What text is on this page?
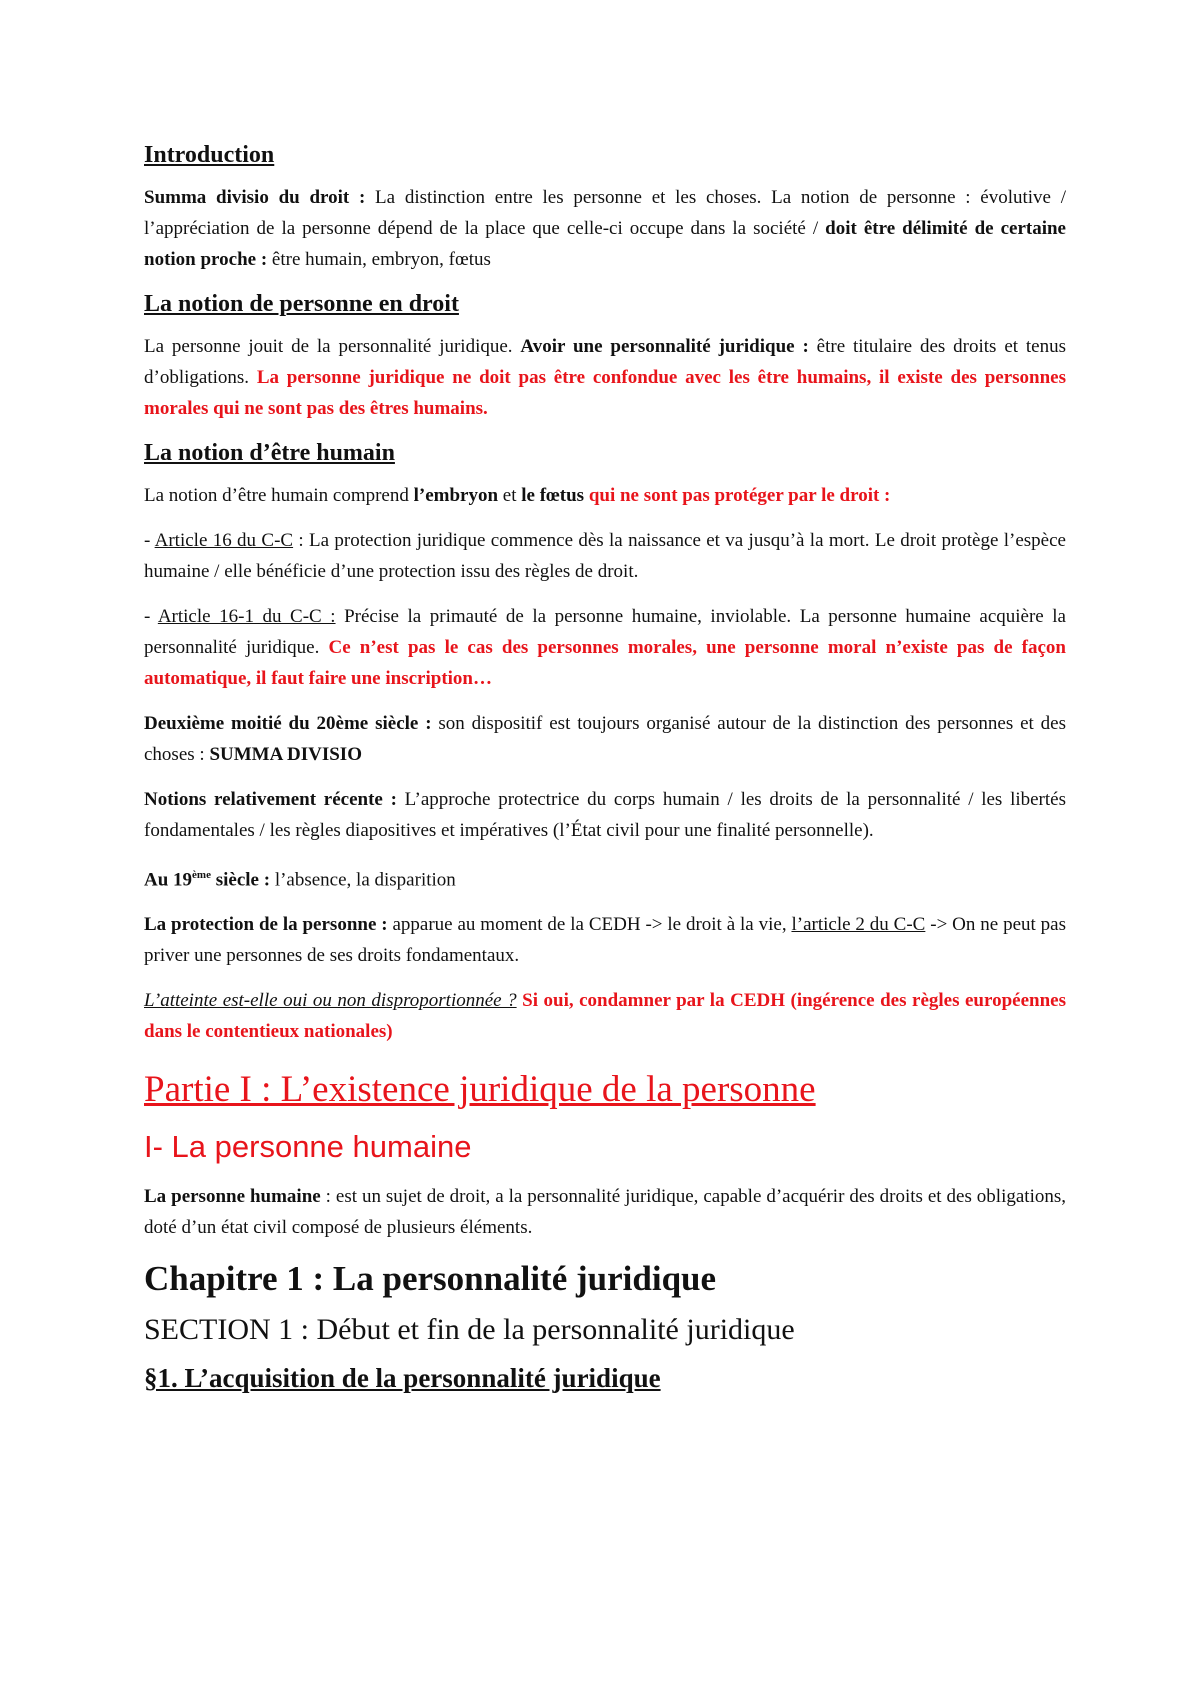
Introduction

Summa divisio du droit : La distinction entre les personne et les choses. La notion de personne : évolutive / l’appréciation de la personne dépend de la place que celle-ci occupe dans la société / doit être délimité de certaine notion proche : être humain, embryon, fœtus

La notion de personne en droit

La personne jouit de la personnalité juridique. Avoir une personnalité juridique : être titulaire des droits et tenus d’obligations. La personne juridique ne doit pas être confondue avec les être humains, il existe des personnes morales qui ne sont pas des êtres humains.

La notion d’être humain

La notion d’être humain comprend l’embryon et le fœtus qui ne sont pas protéger par le droit :

- Article 16 du C-C : La protection juridique commence dès la naissance et va jusqu’à la mort. Le droit protège l’espèce humaine / elle bénéficie d’une protection issu des règles de droit.

- Article 16-1 du C-C : Précise la primauté de la personne humaine, inviolable. La personne humaine acquière la personnalité juridique. Ce n’est pas le cas des personnes morales, une personne moral n’existe pas de façon automatique, il faut faire une inscription…

Deuxième moitié du 20ème siècle : son dispositif est toujours organisé autour de la distinction des personnes et des choses : SUMMA DIVISIO

Notions relativement récente : L’approche protectrice du corps humain / les droits de la personnalité / les libertés fondamentales / les règles diapositives et impératives (l’État civil pour une finalité personnelle).

Au 19ème siècle : l’absence, la disparition

La protection de la personne : apparue au moment de la CEDH -> le droit à la vie, l’article 2 du C-C -> On ne peut pas priver une personnes de ses droits fondamentaux.

L’atteinte est-elle oui ou non disproportionnée ? Si oui, condamner par la CEDH (ingérence des règles européennes dans le contentieux nationales)

Partie I : L’existence juridique de la personne

I- La personne humaine

La personne humaine : est un sujet de droit, a la personnalité juridique, capable d’acquérir des droits et des obligations, doté d’un état civil composé de plusieurs éléments.

Chapitre 1 : La personnalité juridique

SECTION 1 : Début et fin de la personnalité juridique

§1. L’acquisition de la personnalité juridique
